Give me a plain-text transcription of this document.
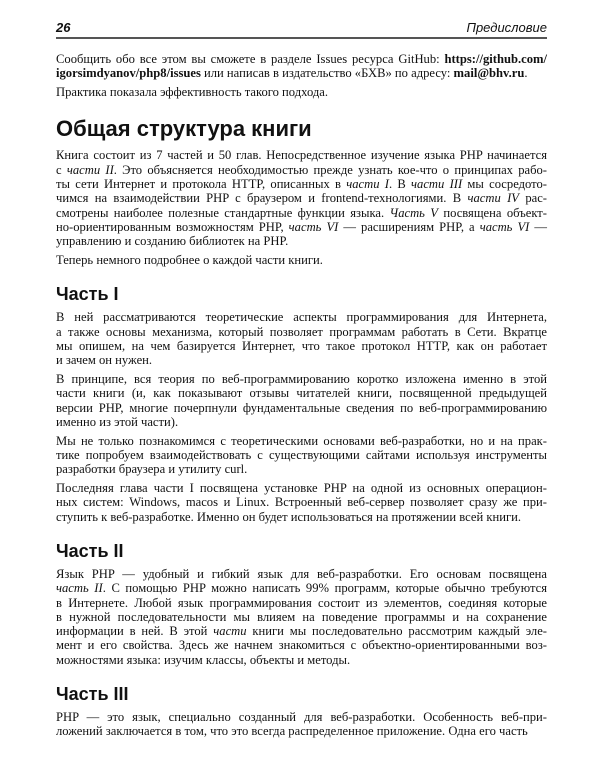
26	Предисловие
Сообщить обо все этом вы сможете в разделе Issues ресурса GitHub: https://github.com/
igorsimdyanov/php8/issues или написав в издательство «БХВ» по адресу: mail@bhv.ru.
Практика показала эффективность такого подхода.
Общая структура книги
Книга состоит из 7 частей и 50 глав. Непосредственное изучение языка PHP начинается
с части II. Это объясняется необходимостью прежде узнать кое-что о принципах рабо-
ты сети Интернет и протокола HTTP, описанных в части I. В части III мы сосредото-
чимся на взаимодействии PHP с браузером и frontend-технологиями. В части IV рас-
смотрены наиболее полезные стандартные функции языка. Часть V посвящена объект-
но-ориентированным возможностям PHP, часть VI — расширениям PHP, а часть VI —
управлению и созданию библиотек на PHP.
Теперь немного подробнее о каждой части книги.
Часть I
В ней рассматриваются теоретические аспекты программирования для Интернета,
а также основы механизма, который позволяет программам работать в Сети. Вкратце
мы опишем, на чем базируется Интернет, что такое протокол HTTP, как он работает
и зачем он нужен.
В принципе, вся теория по веб-программированию коротко изложена именно в этой
части книги (и, как показывают отзывы читателей книги, посвященной предыдущей
версии PHP, многие почерпнули фундаментальные сведения по веб-программированию
именно из этой части).
Мы не только познакомимся с теоретическими основами веб-разработки, но и на прак-
тике попробуем взаимодействовать с существующими сайтами используя инструменты
разработки браузера и утилиту curl.
Последняя глава части I посвящена установке PHP на одной из основных операцион-
ных систем: Windows, macos и Linux. Встроенный веб-сервер позволяет сразу же при-
ступить к веб-разработке. Именно он будет использоваться на протяжении всей книги.
Часть II
Язык PHP — удобный и гибкий язык для веб-разработки. Его основам посвящена
часть II. С помощью PHP можно написать 99% программ, которые обычно требуются
в Интернете. Любой язык программирования состоит из элементов, соединяя которые
в нужной последовательности мы влияем на поведение программы и на сохранение
информации в ней. В этой части книги мы последовательно рассмотрим каждый эле-
мент и его свойства. Здесь же начнем знакомиться с объектно-ориентированными воз-
можностями языка: изучим классы, объекты и методы.
Часть III
PHP — это язык, специально созданный для веб-разработки. Особенность веб-при-
ложений заключается в том, что это всегда распределенное приложение. Одна его часть
